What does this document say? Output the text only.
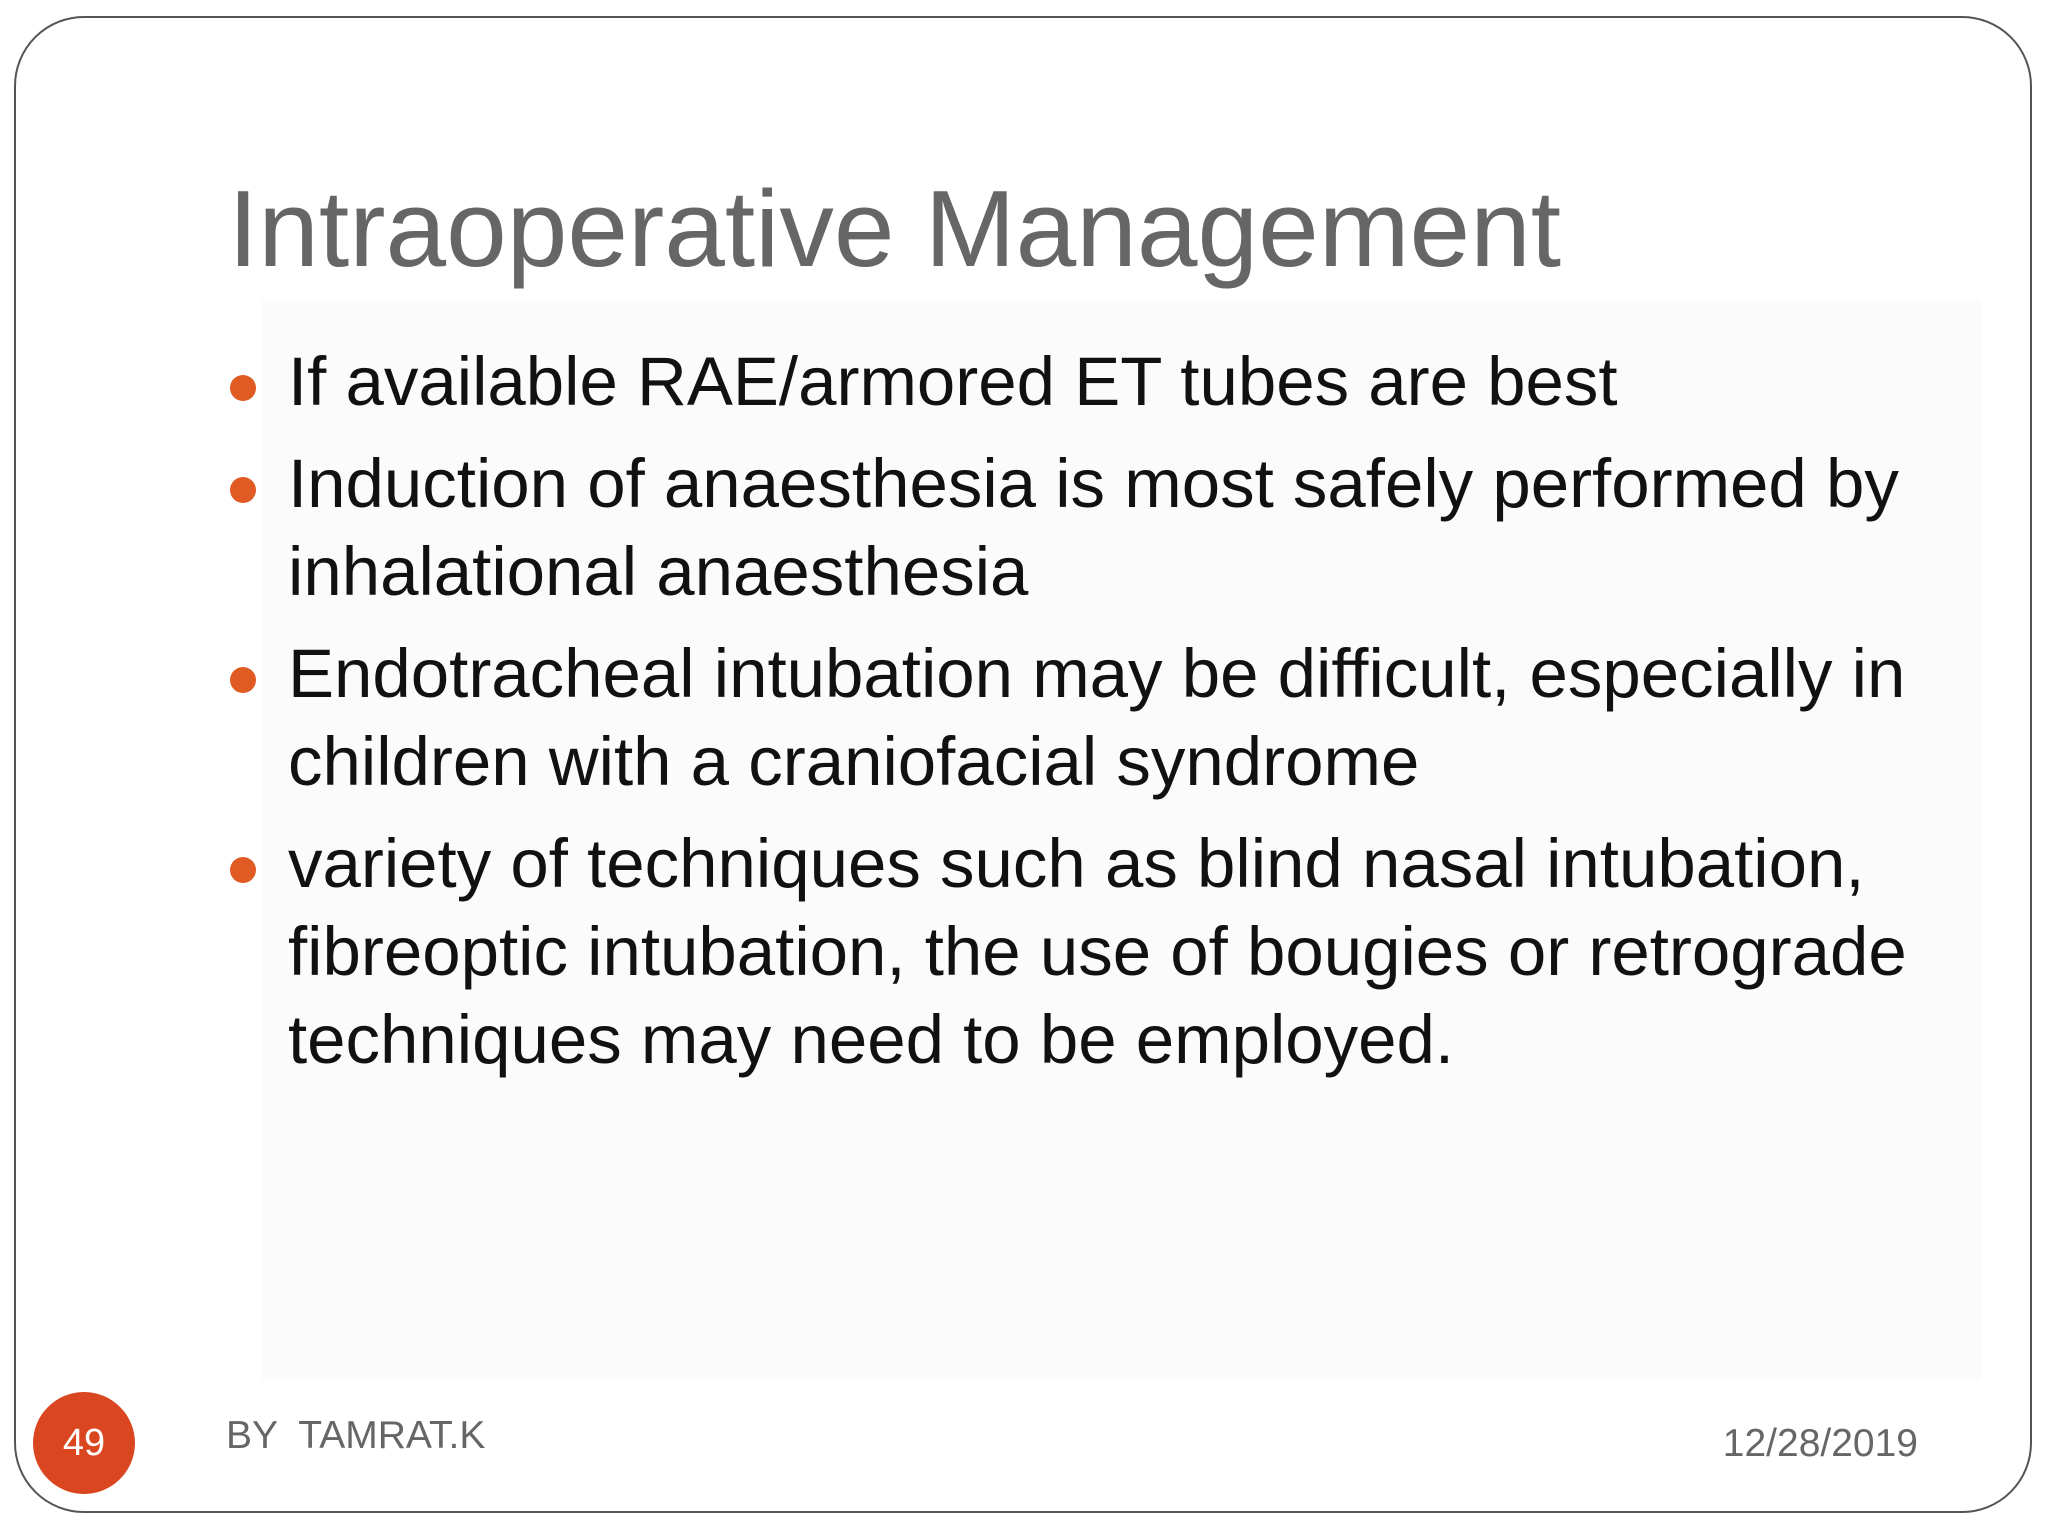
Intraoperative Management
If available RAE/armored ET tubes are best
Induction of anaesthesia is most safely performed by inhalational anaesthesia
Endotracheal intubation may be difficult, especially in children with a craniofacial syndrome
variety of techniques such as blind nasal intubation, fibreoptic intubation, the use of bougies or retrograde techniques may need to be employed.
49	BY  TAMRAT.K	12/28/2019
